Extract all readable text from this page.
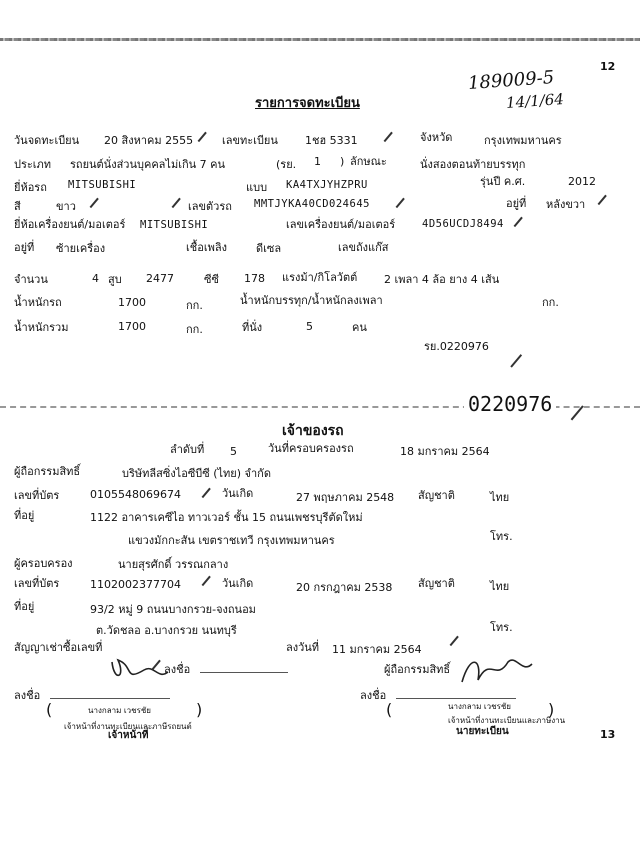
12
189009-5
14/1/64
รายการจดทะเบียน
วันจดทะเบียน 20 สิงหาคม 2555	เลขทะเบียน 1ชฮ 5331	จังหวัด	กรุงเทพมหานคร
ประเภท รถยนต์นั่งส่วนบุคคลไม่เกิน 7 คน	(รย. 1 ) ลักษณะ	นั่งสองตอนท้ายบรรทุก
ยี่ห้อรถ MITSUBISHI	แบบ KA4TXJYHZPRU	รุ่นปี ค.ศ.	2012
สี	ขาว	เลขตัวรถ MMTJYKA40CD024645	อยู่ที่ หลังขวา
ยี่ห้อเครื่องยนต์/มอเตอร์ MITSUBISHI	เลขเครื่องยนต์/มอเตอร์	4D56UCDJ8494
อยู่ที่ ซ้ายเครื่อง	เชื้อเพลิง	ดีเซล	เลขถังแก๊ส
จำนวน	4 สูบ 2477	ซีซี 178 แรงม้า/กิโลวัตต์ 2 เพลา 4 ล้อ ยาง 4 เส้น
น้ำหนักรถ	1700	กก.	น้ำหนักบรรทุก/น้ำหนักลงเพลา	กก.
น้ำหนักรวม	1700	กก.	ที่นั่ง	5	คน
รย.0220976
0220976
เจ้าของรถ
ลำดับที่ 5	วันที่ครอบครองรถ	18 มกราคม 2564
ผู้ถือกรรมสิทธิ์	บริษัทลีสซิ่งไอซีบีซี (ไทย) จำกัด
เลขที่บัตร	0105548069674	วันเกิด	27 พฤษภาคม 2548 สัญชาติ	ไทย
ที่อยู่	1122 อาคารเคซีไอ ทาวเวอร์ ชั้น 15 ถนนเพชรบุรีตัดใหม่
แขวงมักกะสัน เขตราชเทวี กรุงเทพมหานคร	โทร.
ผู้ครอบครอง	นายสุรศักดิ์ วรรณกลาง
เลขที่บัตร	1102002377704	วันเกิด	20 กรกฎาคม 2538 สัญชาติ	ไทย
ที่อยู่	93/2 หมู่ 9 ถนนบางกรวย-จงถนอม
ต.วัดชลอ อ.บางกรวย นนทบุรี	โทร.
สัญญาเช่าซื้อเลขที่	ลงวันที่ 11 มกราคม 2564
ลงชื่อ	ผู้ถือกรรมสิทธิ์
ลงชื่อ	ลงชื่อ
(	นางกลาม เวชรชัย	)
เจ้าหน้าที่งานทะเบียนและภาษีรถยนต์
เจ้าหน้าที่
(	นางกลาม เวชรชัย )
เจ้าหน้าที่งานทะเบียนและภาษีงาน
นายทะเบียน	13
